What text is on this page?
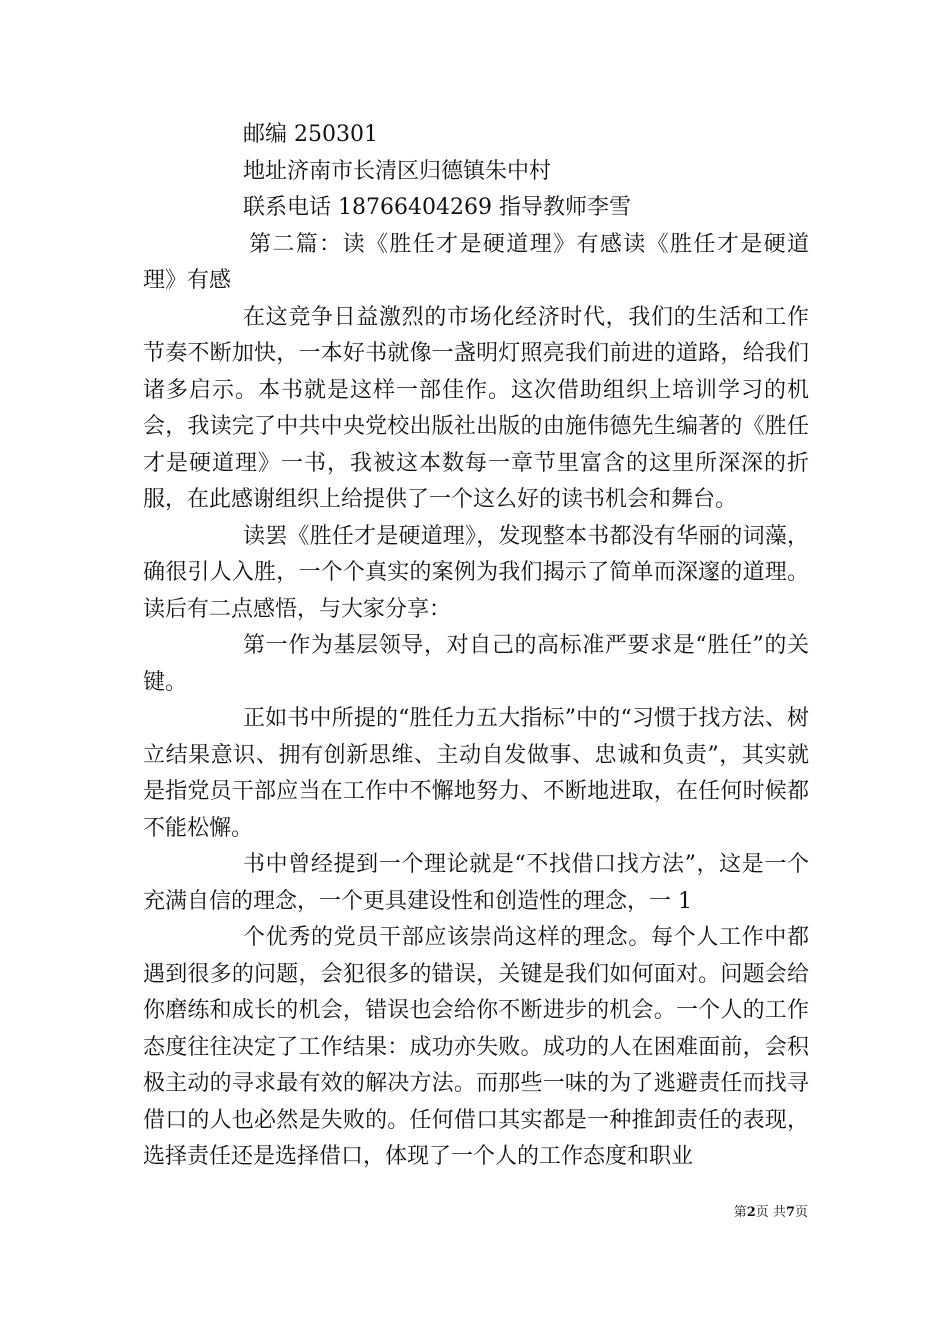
邮编 250301
地址济南市长清区归德镇朱中村
联系电话 18766404269 指导教师李雪

第二篇：读《胜任才是硬道理》有感读《胜任才是硬道理》有感

在这竞争日益激烈的市场化经济时代，我们的生活和工作节奏不断加快，一本好书就像一盏明灯照亮我们前进的道路，给我们诸多启示。本书就是这样一部佳作。这次借助组织上培训学习的机会，我读完了中共中央党校出版社出版的由施伟德先生编著的《胜任才是硬道理》一书，我被这本数每一章节里富含的这里所深深的折服，在此感谢组织上给提供了一个这么好的读书机会和舞台。

读罢《胜任才是硬道理》，发现整本书都没有华丽的词藻，确很引人入胜，一个个真实的案例为我们揭示了简单而深邃的道理。读后有二点感悟，与大家分享：

第一作为基层领导，对自己的高标准严要求是“胜任”的关键。

正如书中所提的“胜任力五大指标”中的“习惯于找方法、树立结果意识、拥有创新思维、主动自发做事、忠诚和负责”，其实就是指党员干部应当在工作中不懈地努力、不断地进取，在任何时候都不能松懈。

书中曾经提到一个理论就是“不找借口找方法”，这是一个充满自信的理念，一个更具建设性和创造性的理念，一 1

个优秀的党员干部应该崇尚这样的理念。每个人工作中都遇到很多的问题，会犯很多的错误，关键是我们如何面对。问题会给你磨练和成长的机会，错误也会给你不断进步的机会。一个人的工作态度往往决定了工作结果：成功亦失败。成功的人在困难面前，会积极主动的寻求最有效的解决方法。而那些一味的为了逃避责任而找寻借口的人也必然是失败的。任何借口其实都是一种推卸责任的表现，选择责任还是选择借口，体现了一个人的工作态度和职业

第2页 共7页
